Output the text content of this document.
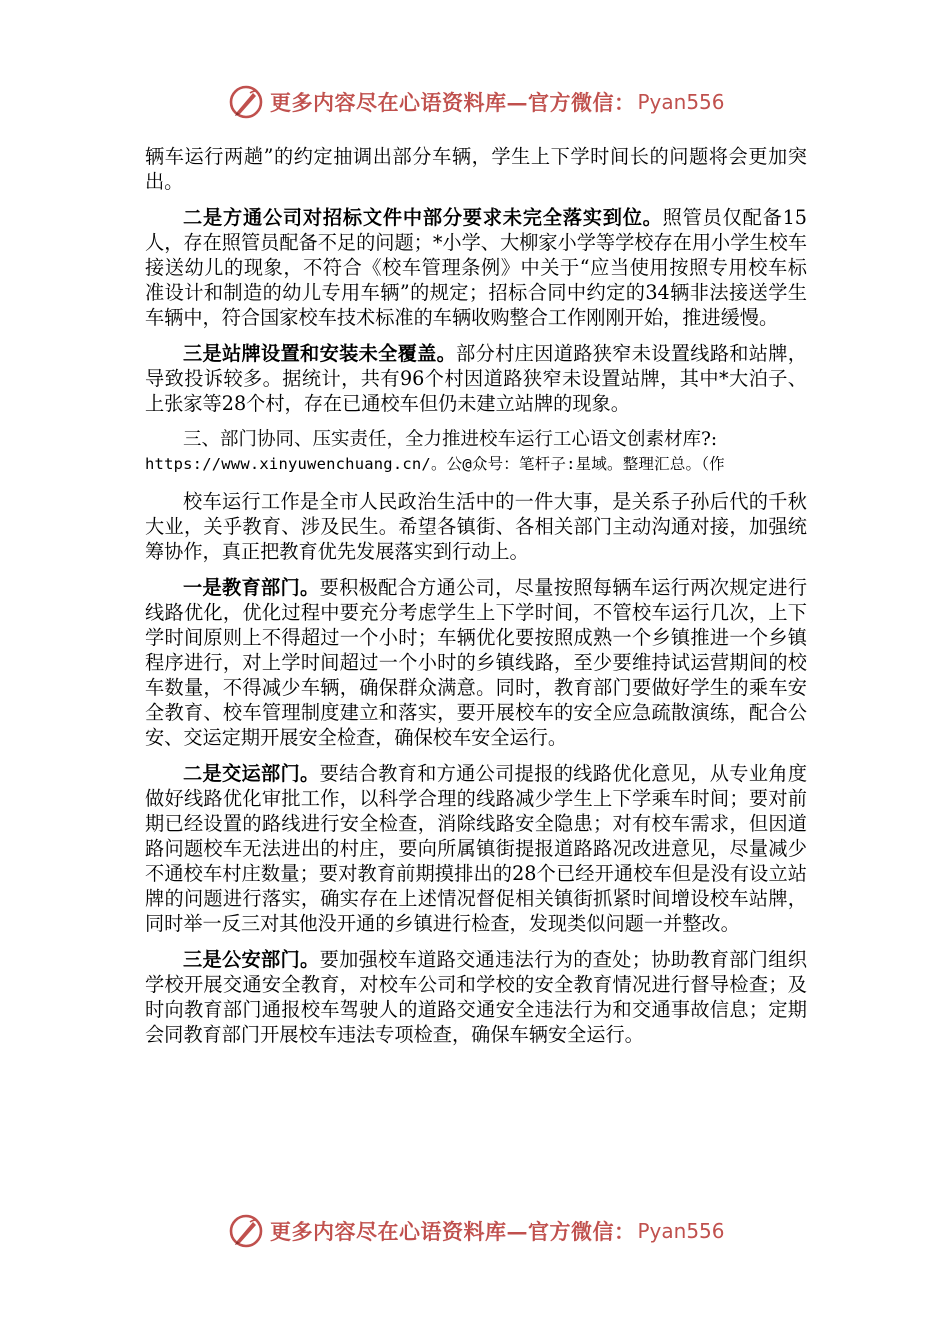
更多内容尽在心语资料库—官方微信： Pyan556

辆车运行两趟”的约定抽调出部分车辆，学生上下学时间长的问题将会更加突出。

二是方通公司对招标文件中部分要求未完全落实到位。照管员仅配备15人，存在照管员配备不足的问题；*小学、大柳家小学等学校存在用小学生校车接送幼儿的现象，不符合《校车管理条例》中关于“应当使用按照专用校车标准设计和制造的幼儿专用车辆”的规定；招标合同中约定的34辆非法接送学生车辆中，符合国家校车技术标准的车辆收购整合工作刚刚开始，推进缓慢。

三是站牌设置和安装未全覆盖。部分村庄因道路狭窄未设置线路和站牌，导致投诉较多。据统计，共有96个村因道路狭窄未设置站牌，其中*大泊子、上张家等28个村，存在已通校车但仍未建立站牌的现象。

三、部门协同、压实责任，全力推进校车运行工心语文创素材库?:
https://www.xinyuwenchuang.cn/。公@众号：笔杆子:星域。整理汇总。（作

校车运行工作是全市人民政治生活中的一件大事，是关系子孙后代的千秋大业，关乎教育、涉及民生。希望各镇街、各相关部门主动沟通对接，加强统筹协作，真正把教育优先发展落实到行动上。

一是教育部门。要积极配合方通公司，尽量按照每辆车运行两次规定进行线路优化，优化过程中要充分考虑学生上下学时间，不管校车运行几次，上下学时间原则上不得超过一个小时；车辆优化要按照成熟一个乡镇推进一个乡镇程序进行，对上学时间超过一个小时的乡镇线路，至少要维持试运营期间的校车数量，不得减少车辆，确保群众满意。同时，教育部门要做好学生的乘车安全教育、校车管理制度建立和落实，要开展校车的安全应急疏散演练，配合公安、交运定期开展安全检查，确保校车安全运行。

二是交运部门。要结合教育和方通公司提报的线路优化意见，从专业角度做好线路优化审批工作，以科学合理的线路减少学生上下学乘车时间；要对前期已经设置的路线进行安全检查，消除线路安全隐患；对有校车需求，但因道路问题校车无法进出的村庄，要向所属镇街提报道路路况改进意见，尽量减少不通校车村庄数量；要对教育前期摸排出的28个已经开通校车但是没有设立站牌的问题进行落实，确实存在上述情况督促相关镇街抓紧时间增设校车站牌，同时举一反三对其他没开通的乡镇进行检查，发现类似问题一并整改。

三是公安部门。要加强校车道路交通违法行为的查处；协助教育部门组织学校开展交通安全教育，对校车公司和学校的安全教育情况进行督导检查；及时向教育部门通报校车驾驶人的道路交通安全违法行为和交通事故信息；定期会同教育部门开展校车违法专项检查，确保车辆安全运行。

更多内容尽在心语资料库—官方微信： Pyan556
